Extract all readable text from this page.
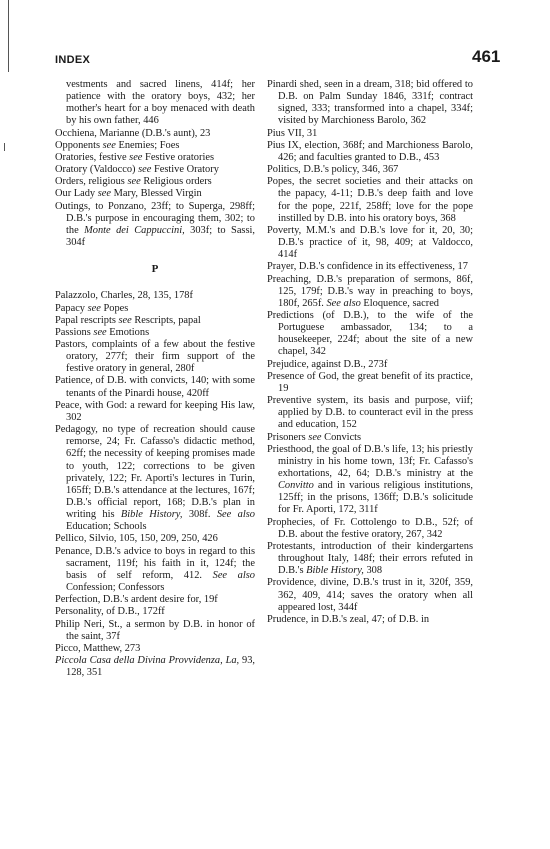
INDEX	461

vestments and sacred linens, 414f; her patience with the oratory boys, 432; her mother's heart for a boy menaced with death by his own father, 446

Occhiena, Marianne (D.B.'s aunt), 23

Opponents see Enemies; Foes

Oratories, festive see Festive oratories

Oratory (Valdocco) see Festive Oratory

Orders, religious see Religious orders

Our Lady see Mary, Blessed Virgin

Outings, to Ponzano, 23ff; to Superga, 298ff; D.B.'s purpose in encouraging them, 302; to the Monte dei Cappuccini, 303f; to Sassi, 304f

P

Palazzolo, Charles, 28, 135, 178f

Papacy see Popes

Papal rescripts see Rescripts, papal

Passions see Emotions

Pastors, complaints of a few about the festive oratory, 277f; their firm support of the festive oratory in general, 280f

Patience, of D.B. with convicts, 140; with some tenants of the Pinardi house, 420ff

Peace, with God: a reward for keeping His law, 302

Pedagogy, no type of recreation should cause remorse, 24; Fr. Cafasso's didactic method, 62ff; the necessity of keeping promises made to youth, 122; corrections to be given privately, 122; Fr. Aporti's lectures in Turin, 165ff; D.B.'s attendance at the lectures, 167f; D.B.'s official report, 168; D.B.'s plan in writing his Bible History, 308f. See also Education; Schools

Pellico, Silvio, 105, 150, 209, 250, 426

Penance, D.B.'s advice to boys in regard to this sacrament, 119f; his faith in it, 124f; the basis of self reform, 412. See also Confession; Confessors

Perfection, D.B.'s ardent desire for, 19f

Personality, of D.B., 172ff

Philip Neri, St., a sermon by D.B. in honor of the saint, 37f

Picco, Matthew, 273

Piccola Casa della Divina Provvidenza, La, 93, 128, 351

Pinardi shed, seen in a dream, 318; bid offered to D.B. on Palm Sunday 1846, 331f; contract signed, 333; transformed into a chapel, 334f; visited by Marchioness Barolo, 362

Pius VII, 31

Pius IX, election, 368f; and Marchioness Barolo, 426; and faculties granted to D.B., 453

Politics, D.B.'s policy, 346, 367

Popes, the secret societies and their attacks on the papacy, 4-11; D.B.'s deep faith and love for the pope, 221f, 258ff; love for the pope instilled by D.B. into his oratory boys, 368

Poverty, M.M.'s and D.B.'s love for it, 20, 30; D.B.'s practice of it, 98, 409; at Valdocco, 414f

Prayer, D.B.'s confidence in its effectiveness, 17

Preaching, D.B.'s preparation of sermons, 86f, 125, 179f; D.B.'s way in preaching to boys, 180f, 265f. See also Eloquence, sacred

Predictions (of D.B.), to the wife of the Portuguese ambassador, 134; to a housekeeper, 224f; about the site of a new chapel, 342

Prejudice, against D.B., 273f

Presence of God, the great benefit of its practice, 19

Preventive system, its basis and purpose, viif; applied by D.B. to counteract evil in the press and education, 152

Prisoners see Convicts

Priesthood, the goal of D.B.'s life, 13; his priestly ministry in his home town, 13f; Fr. Cafasso's exhortations, 42, 64; D.B.'s ministry at the Convitto and in various religious institutions, 125ff; in the prisons, 136ff; D.B.'s solicitude for Fr. Aporti, 172, 311f

Prophecies, of Fr. Cottolengo to D.B., 52f; of D.B. about the festive oratory, 267, 342

Protestants, introduction of their kindergartens throughout Italy, 148f; their errors refuted in D.B.'s Bible History, 308

Providence, divine, D.B.'s trust in it, 320f, 359, 362, 409, 414; saves the oratory when all appeared lost, 344f

Prudence, in D.B.'s zeal, 47; of D.B. in
